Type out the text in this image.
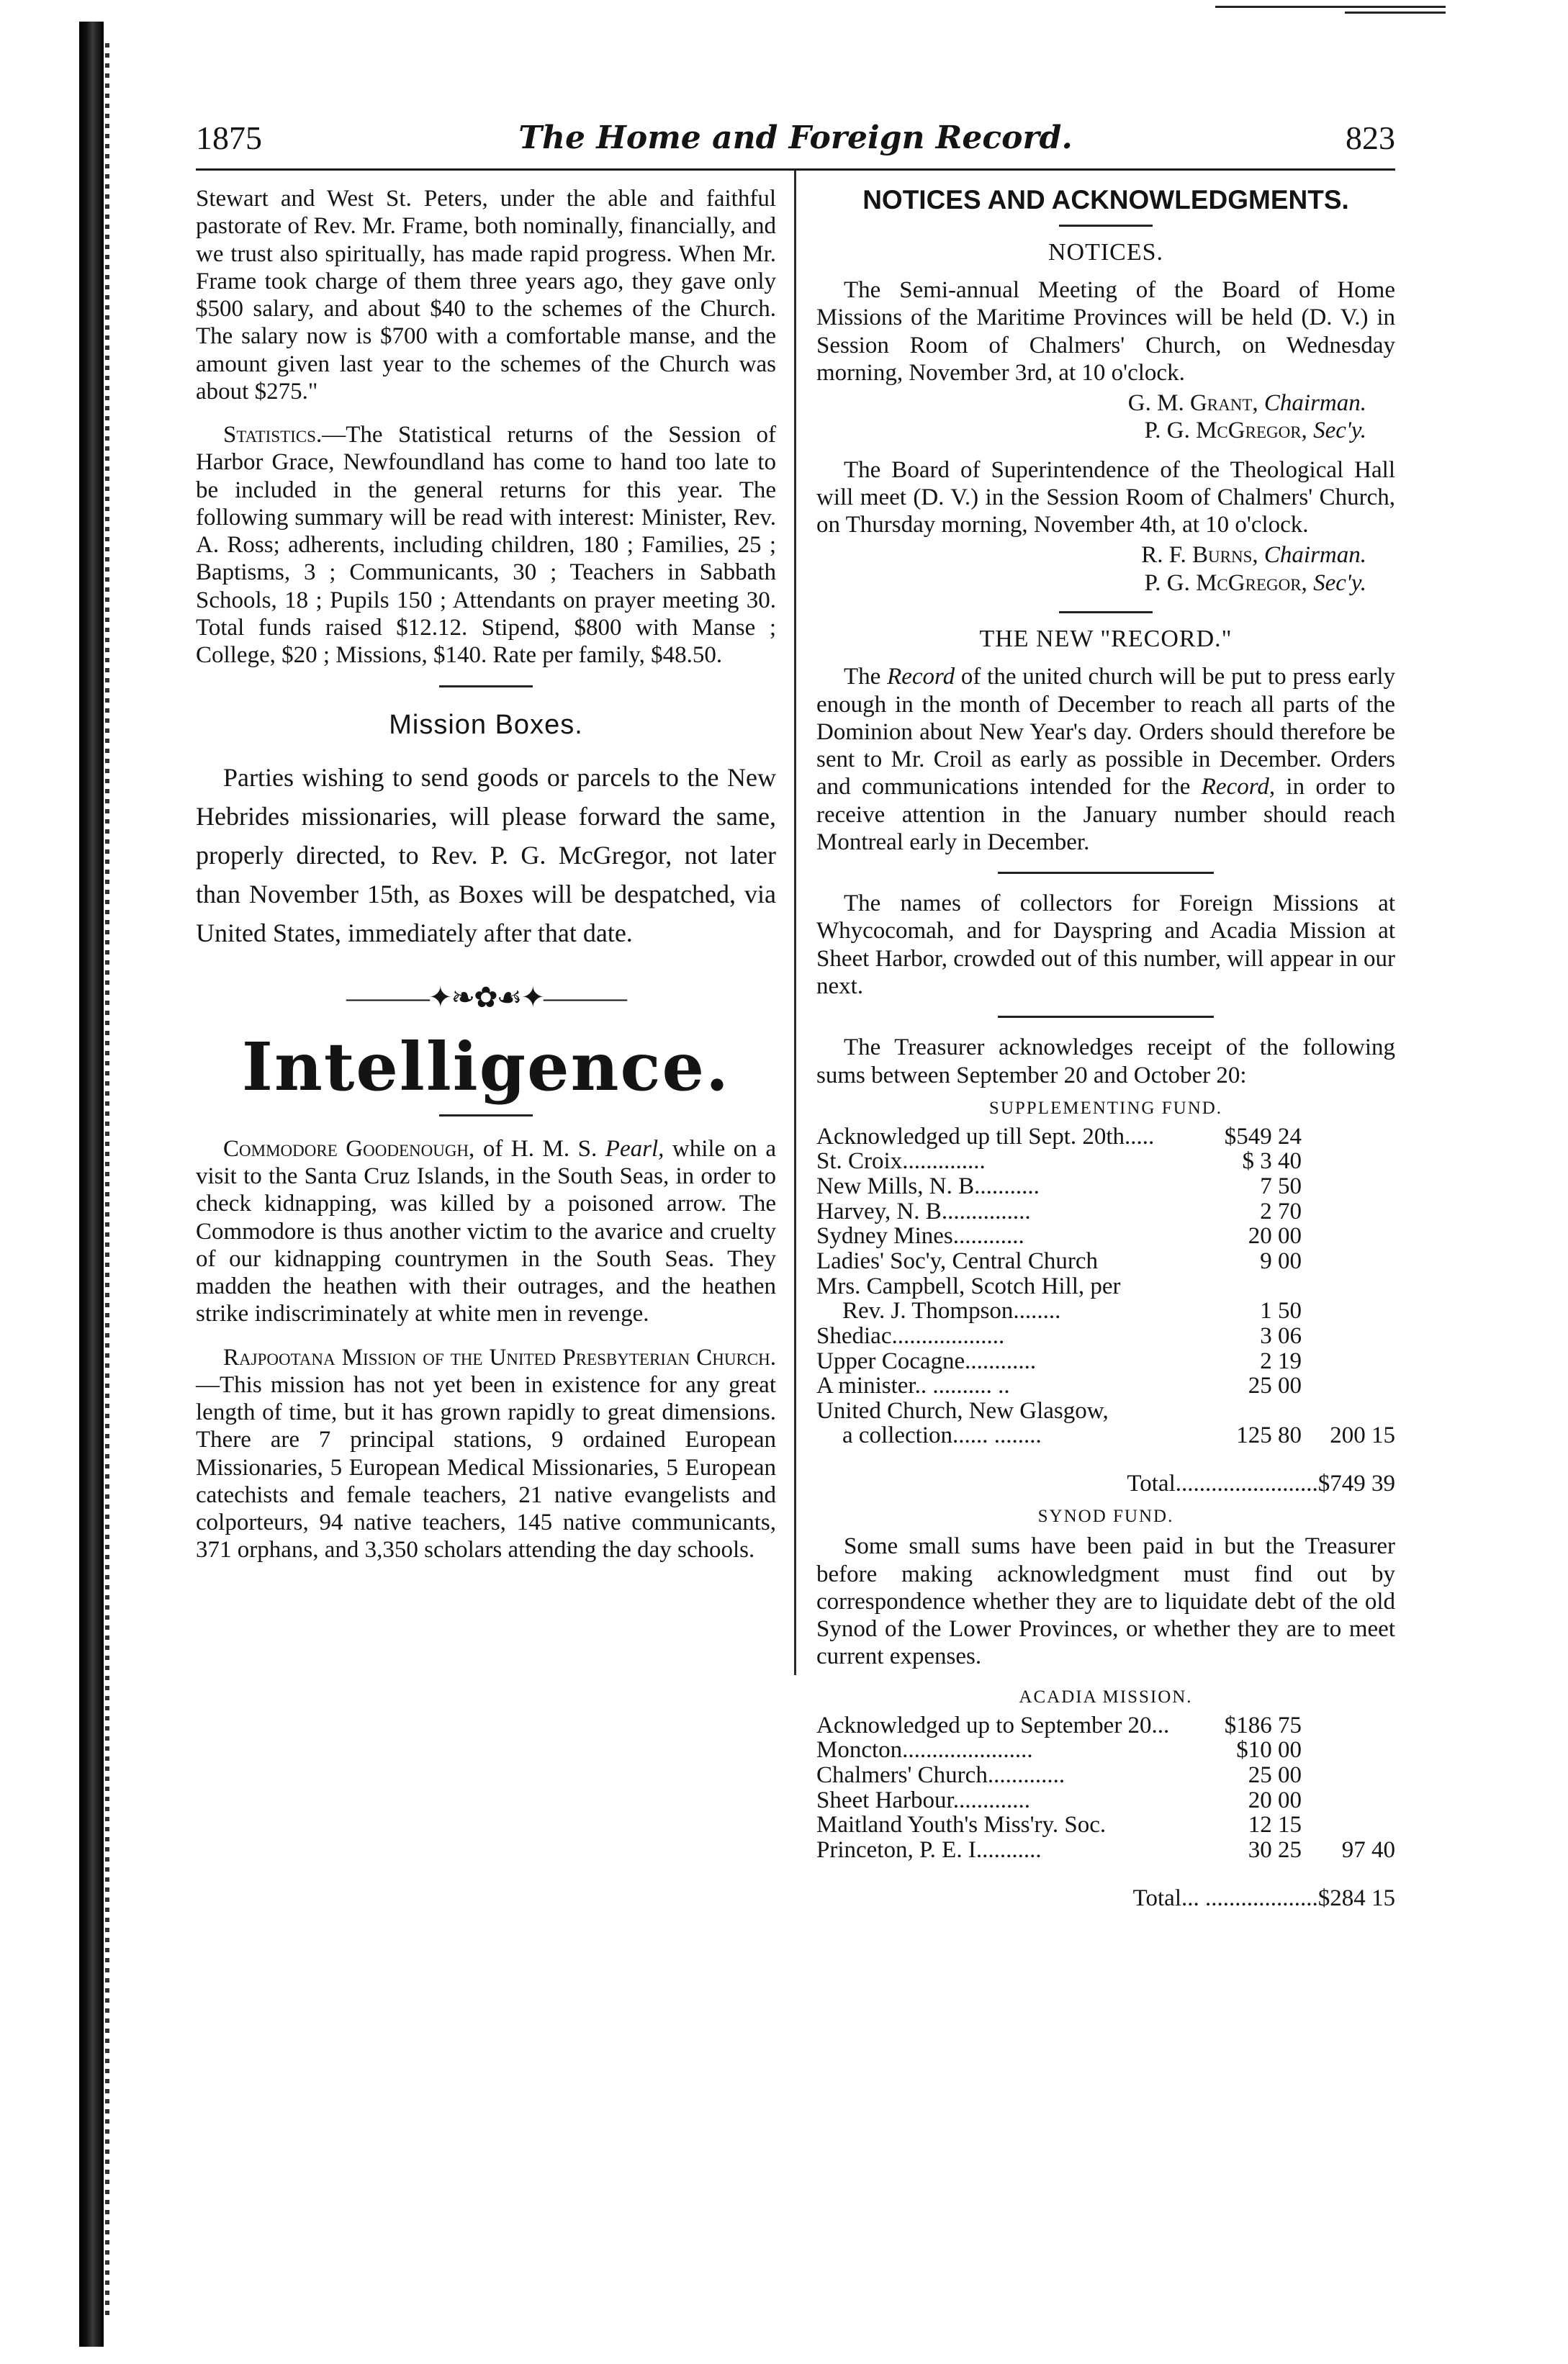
1875	The Home and Foreign Record.	823

Stewart and West St. Peters, under the able and faithful pastorate of Rev. Mr. Frame, both nominally, financially, and we trust also spiritually, has made rapid progress. When Mr. Frame took charge of them three years ago, they gave only $500 salary, and about $40 to the schemes of the Church. The salary now is $700 with a comfortable manse, and the amount given last year to the schemes of the Church was about $275."

Statistics.—The Statistical returns of the Session of Harbor Grace, Newfoundland has come to hand too late to be included in the general returns for this year. The following summary will be read with interest: Minister, Rev. A. Ross; adherents, including children, 180 ; Families, 25 ; Baptisms, 3 ; Communicants, 30 ; Teachers in Sabbath Schools, 18 ; Pupils 150 ; Attendants on prayer meeting 30. Total funds raised $12.12. Stipend, $800 with Manse ; College, $20 ; Missions, $140. Rate per family, $48.50.

Mission Boxes.

Parties wishing to send goods or parcels to the New Hebrides missionaries, will please forward the same, properly directed, to Rev. P. G. McGregor, not later than November 15th, as Boxes will be despatched, via United States, immediately after that date.

———✦❧✿☙✦———
Intelligence.

Commodore Goodenough, of H. M. S. Pearl, while on a visit to the Santa Cruz Islands, in the South Seas, in order to check kidnapping, was killed by a poisoned arrow. The Commodore is thus another victim to the avarice and cruelty of our kidnapping countrymen in the South Seas. They madden the heathen with their outrages, and the heathen strike indiscriminately at white men in revenge.

Rajpootana Mission of the United Presbyterian Church.—This mission has not yet been in existence for any great length of time, but it has grown rapidly to great dimensions. There are 7 principal stations, 9 ordained European Missionaries, 5 European Medical Missionaries, 5 European catechists and female teachers, 21 native evangelists and colporteurs, 94 native teachers, 145 native communicants, 371 orphans, and 3,350 scholars attending the day schools.

NOTICES AND ACKNOWLEDGMENTS.
NOTICES.

The Semi-annual Meeting of the Board of Home Missions of the Maritime Provinces will be held (D. V.) in Session Room of Chalmers' Church, on Wednesday morning, November 3rd, at 10 o'clock.

G. M. Grant, Chairman.
P. G. McGregor, Sec'y.

The Board of Superintendence of the Theological Hall will meet (D. V.) in the Session Room of Chalmers' Church, on Thursday morning, November 4th, at 10 o'clock.

R. F. Burns, Chairman.
P. G. McGregor, Sec'y.
THE NEW "RECORD."

The Record of the united church will be put to press early enough in the month of December to reach all parts of the Dominion about New Year's day. Orders should therefore be sent to Mr. Croil as early as possible in December. Orders and communications intended for the Record, in order to receive attention in the January number should reach Montreal early in December.

The names of collectors for Foreign Missions at Whycocomah, and for Dayspring and Acadia Mission at Sheet Harbor, crowded out of this number, will appear in our next.

The Treasurer acknowledges receipt of the following sums between September 20 and October 20:

SUPPLEMENTING FUND.
Acknowledged up till Sept. 20th.....	$549 24	
St. Croix..............	$ 3 40	
New Mills, N. B...........	7 50	
Harvey, N. B...............	2 70	
Sydney Mines............	20 00	
Ladies' Soc'y, Central Church	9 00	
Mrs. Campbell, Scotch Hill, per		
Rev. J. Thompson........	1 50	
Shediac...................	3 06	
Upper Cocagne............	2 19	
A minister.. .......... ..	25 00	
United Church, New Glasgow,		
a collection...... ........	125 80	200 15
Total........................$749 39
SYNOD FUND.

Some small sums have been paid in but the Treasurer before making acknowledgment must find out by correspondence whether they are to liquidate debt of the old Synod of the Lower Provinces, or whether they are to meet current expenses.

ACADIA MISSION.
Acknowledged up to September 20...	$186 75	
Moncton......................	$10 00	
Chalmers' Church.............	25 00	
Sheet Harbour.............	20 00	
Maitland Youth's Miss'ry. Soc.	12 15	
Princeton, P. E. I...........	30 25	97 40
Total... ...................$284 15
